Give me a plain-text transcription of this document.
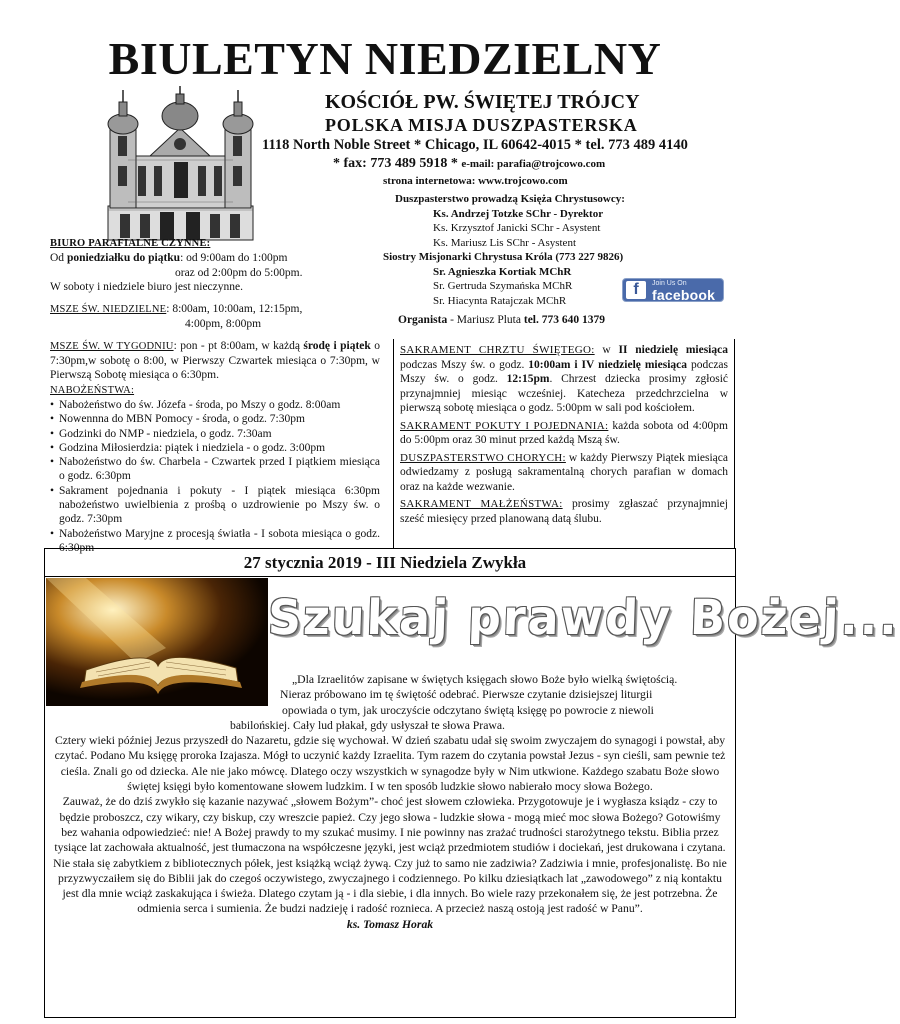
BIULETYN NIEDZIELNY
KOŚCIÓŁ PW. ŚWIĘTEJ TRÓJCY
POLSKA MISJA DUSZPASTERSKA
1118 North Noble Street * Chicago, IL 60642-4015 * tel. 773 489 4140
* fax: 773 489 5918 * e-mail: parafia@trojcowo.com
strona internetowa: www.trojcowo.com
Duszpasterstwo prowadzą Księża Chrystusowcy:
Ks. Andrzej Totzke SChr - Dyrektor
Ks. Krzysztof Janicki SChr - Asystent
Ks. Mariusz Lis SChr - Asystent
Siostry Misjonarki Chrystusa Króla (773 227 9826)
Sr. Agnieszka Kortiak MChR
Sr. Gertruda Szymańska MChR
Sr. Hiacynta Ratajczak MChR
f	Join Us On
facebook
Organista - Mariusz Pluta tel. 773 640 1379

BIURO PARAFIALNE CZYNNE:

Od poniedziałku do piątku: od 9:00am do 1:00pm

oraz od 2:00pm do 5:00pm.

W soboty i niedziele biuro jest nieczynne.

MSZE ŚW. NIEDZIELNE: 8:00am, 10:00am, 12:15pm,

4:00pm, 8:00pm

MSZE ŚW. W TYGODNIU: pon - pt 8:00am, w każdą środę i piątek o 7:30pm,w sobotę o 8:00, w Pierwszy Czwartek miesiąca o 7:30pm, w Pierwszą Sobotę miesiąca o 6:30pm.

NABOŻEŃSTWA:

• Nabożeństwo do św. Józefa - środa, po Mszy o godz. 8:00am
• Nowennna do MBN Pomocy - środa, o godz. 7:30pm
• Godzinki do NMP - niedziela, o godz. 7:30am
• Godzina Miłosierdzia: piątek i niedziela - o godz. 3:00pm
• Nabożeństwo do św. Charbela - Czwartek przed I piątkiem miesiąca o godz. 6:30pm
• Sakrament pojednania i pokuty - I piątek miesiąca 6:30pm nabożeństwo uwielbienia z prośbą o uzdrowienie po Mszy św. o godz. 7:30pm
• Nabożeństwo Maryjne z procesją światła - I sobota miesiąca o godz. 6:30pm

SAKRAMENT CHRZTU ŚWIĘTEGO: w II niedzielę miesiąca podczas Mszy św. o godz. 10:00am i IV niedzielę miesiąca podczas Mszy św. o godz. 12:15pm. Chrzest dziecka prosimy zgłosić przynajmniej miesiąc wcześniej. Katecheza przedchrzcielna w pierwszą sobotę miesiąca o godz. 5:00pm w sali pod kościołem.

SAKRAMENT POKUTY I POJEDNANIA: każda sobota od 4:00pm do 5:00pm oraz 30 minut przed każdą Mszą św.

DUSZPASTERSTWO CHORYCH: w każdy Pierwszy Piątek miesiąca odwiedzamy z posługą sakramentalną chorych parafian w domach oraz na każde wezwanie.

SAKRAMENT MAŁŻEŃSTWA: prosimy zgłaszać przynajmniej sześć miesięcy przed planowaną datą ślubu.

27 stycznia 2019 - III Niedziela Zwykła
Szukaj prawdy Bożej...

„Dla Izraelitów zapisane w świętych księgach słowo Boże było wielką świętością.

Nieraz próbowano im tę świętość odebrać. Pierwsze czytanie dzisiejszej liturgii

opowiada o tym, jak uroczyście odczytano świętą księgę po powrocie z niewoli

babilońskiej. Cały lud płakał, gdy usłyszał te słowa Prawa.

Cztery wieki później Jezus przyszedł do Nazaretu, gdzie się wychował. W dzień szabatu udał się swoim zwyczajem do synagogi i powstał, aby czytać. Podano Mu księgę proroka Izajasza. Mógł to uczynić każdy Izraelita. Tym razem do czytania powstał Jezus - syn cieśli, sam pewnie też cieśla. Znali go od dziecka. Ale nie jako mówcę. Dlatego oczy wszystkich w synagodze były w Nim utkwione. Każdego szabatu Boże słowo świętej księgi było komentowane słowem ludzkim. I w ten sposób ludzkie słowo nabierało mocy słowa Bożego.

Zauważ, że do dziś zwykło się kazanie nazywać „słowem Bożym”- choć jest słowem człowieka. Przygotowuje je i wygłasza ksiądz - czy to będzie proboszcz, czy wikary, czy biskup, czy wreszcie papież. Czy jego słowa - ludzkie słowa - mogą mieć moc słowa Bożego? Gotowiśmy bez wahania odpowiedzieć: nie! A Bożej prawdy to my szukać musimy. I nie powinny nas zrażać trudności starożytnego tekstu. Biblia przez tysiące lat zachowała aktualność, jest tłumaczona na współczesne języki, jest wciąż przedmiotem studiów i dociekań, jest drukowana i czytana. Nie stała się zabytkiem z bibliotecznych półek, jest książką wciąż żywą. Czy już to samo nie zadziwia? Zadziwia i mnie, profesjonalistę. Bo nie przyzwyczaiłem się do Biblii jak do czegoś oczywistego, zwyczajnego i codziennego. Po kilku dziesiątkach lat „zawodowego” z nią kontaktu jest dla mnie wciąż zaskakująca i świeża. Dlatego czytam ją - i dla siebie, i dla innych. Bo wiele razy przekonałem się, że jest potrzebna. Że odmienia serca i sumienia. Że budzi nadzieję i radość roznieca. A przecież naszą ostoją jest radość w Panu”.

ks. Tomasz Horak
